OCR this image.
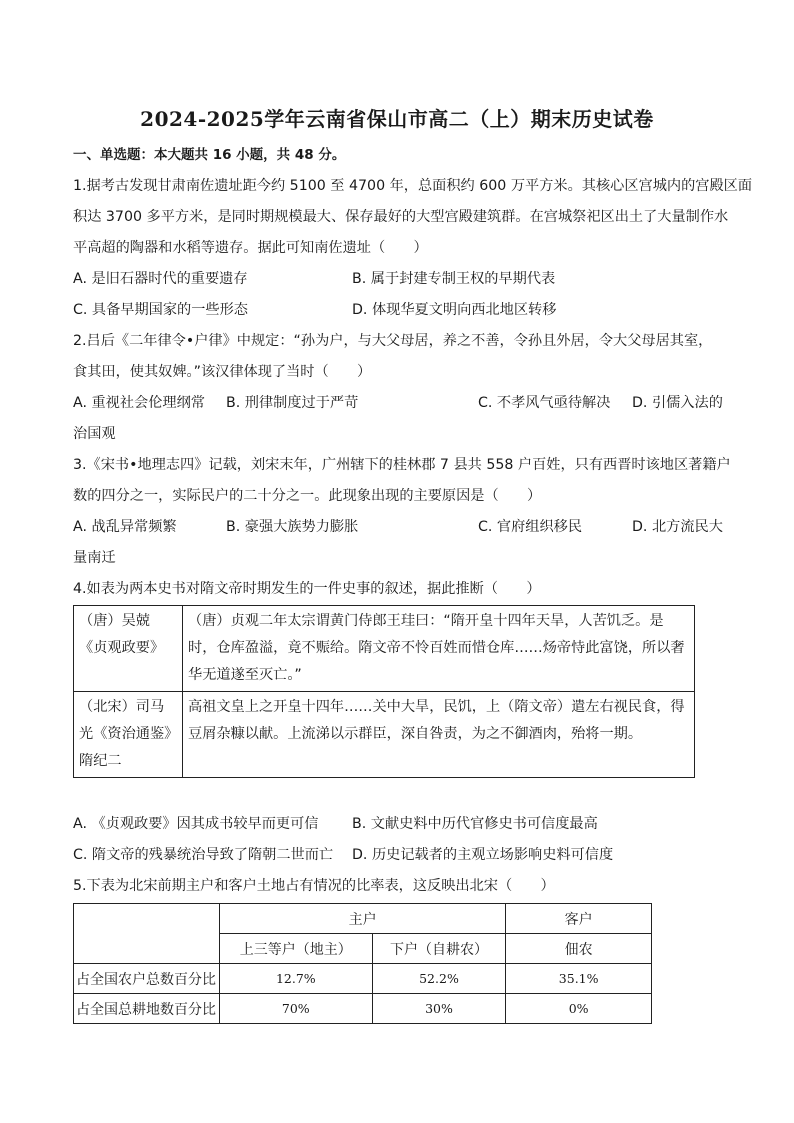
2024-2025学年云南省保山市高二（上）期末历史试卷
一、单选题：本大题共 16 小题，共 48 分。
1.据考古发现甘肃南佐遗址距今约 5100 至 4700 年，总面积约 600 万平方米。其核心区宫城内的宫殿区面
积达 3700 多平方米，是同时期规模最大、保存最好的大型宫殿建筑群。在宫城祭祀区出土了大量制作水
平高超的陶器和水稻等遗存。据此可知南佐遗址（　　）
A. 是旧石器时代的重要遗存	B. 属于封建专制王权的早期代表
C. 具备早期国家的一些形态	D. 体现华夏文明向西北地区转移
2.吕后《二年律令•户律》中规定：“孙为户，与大父母居，养之不善，令孙且外居，令大父母居其室，
食其田，使其奴婢。”该汉律体现了当时（　　）
A. 重视社会伦理纲常 B. 刑律制度过于严苛	C. 不孝风气亟待解决 D. 引儒入法的
治国观
3.《宋书•地理志四》记载，刘宋末年，广州辖下的桂林郡 7 县共 558 户百姓，只有西晋时该地区著籍户
数的四分之一，实际民户的二十分之一。此现象出现的主要原因是（　　）
A. 战乱异常频繁	B. 豪强大族势力膨胀	C. 官府组织移民	D. 北方流民大
量南迁
4.如表为两本史书对隋文帝时期发生的一件史事的叙述，据此推断（　　）
（唐）吴兢《贞观政要》	（唐）贞观二年太宗谓黄门侍郎王珪曰：“隋开皇十四年天旱，人苦饥乏。是时，仓库盈溢，竟不赈给。隋文帝不怜百姓而惜仓库……炀帝恃此富饶，所以奢华无道遂至灭亡。”
（北宋）司马光《资治通鉴》隋纪二	高祖文皇上之开皇十四年……关中大旱，民饥，上（隋文帝）遣左右视民食，得豆屑杂糠以献。上流涕以示群臣，深自咎责，为之不御酒肉，殆将一期。
A. 《贞观政要》因其成书较早而更可信 B. 文献史料中历代官修史书可信度最高
C. 隋文帝的残暴统治导致了隋朝二世而亡 D. 历史记载者的主观立场影响史料可信度
5.下表为北宋前期主户和客户土地占有情况的比率表，这反映出北宋（　　）
	主户		客户
	上三等户（地主）	下户（自耕农）	佃农
占全国农户总数百分比	12.7%	52.2%	35.1%
占全国总耕地数百分比	70%	30%	0%
